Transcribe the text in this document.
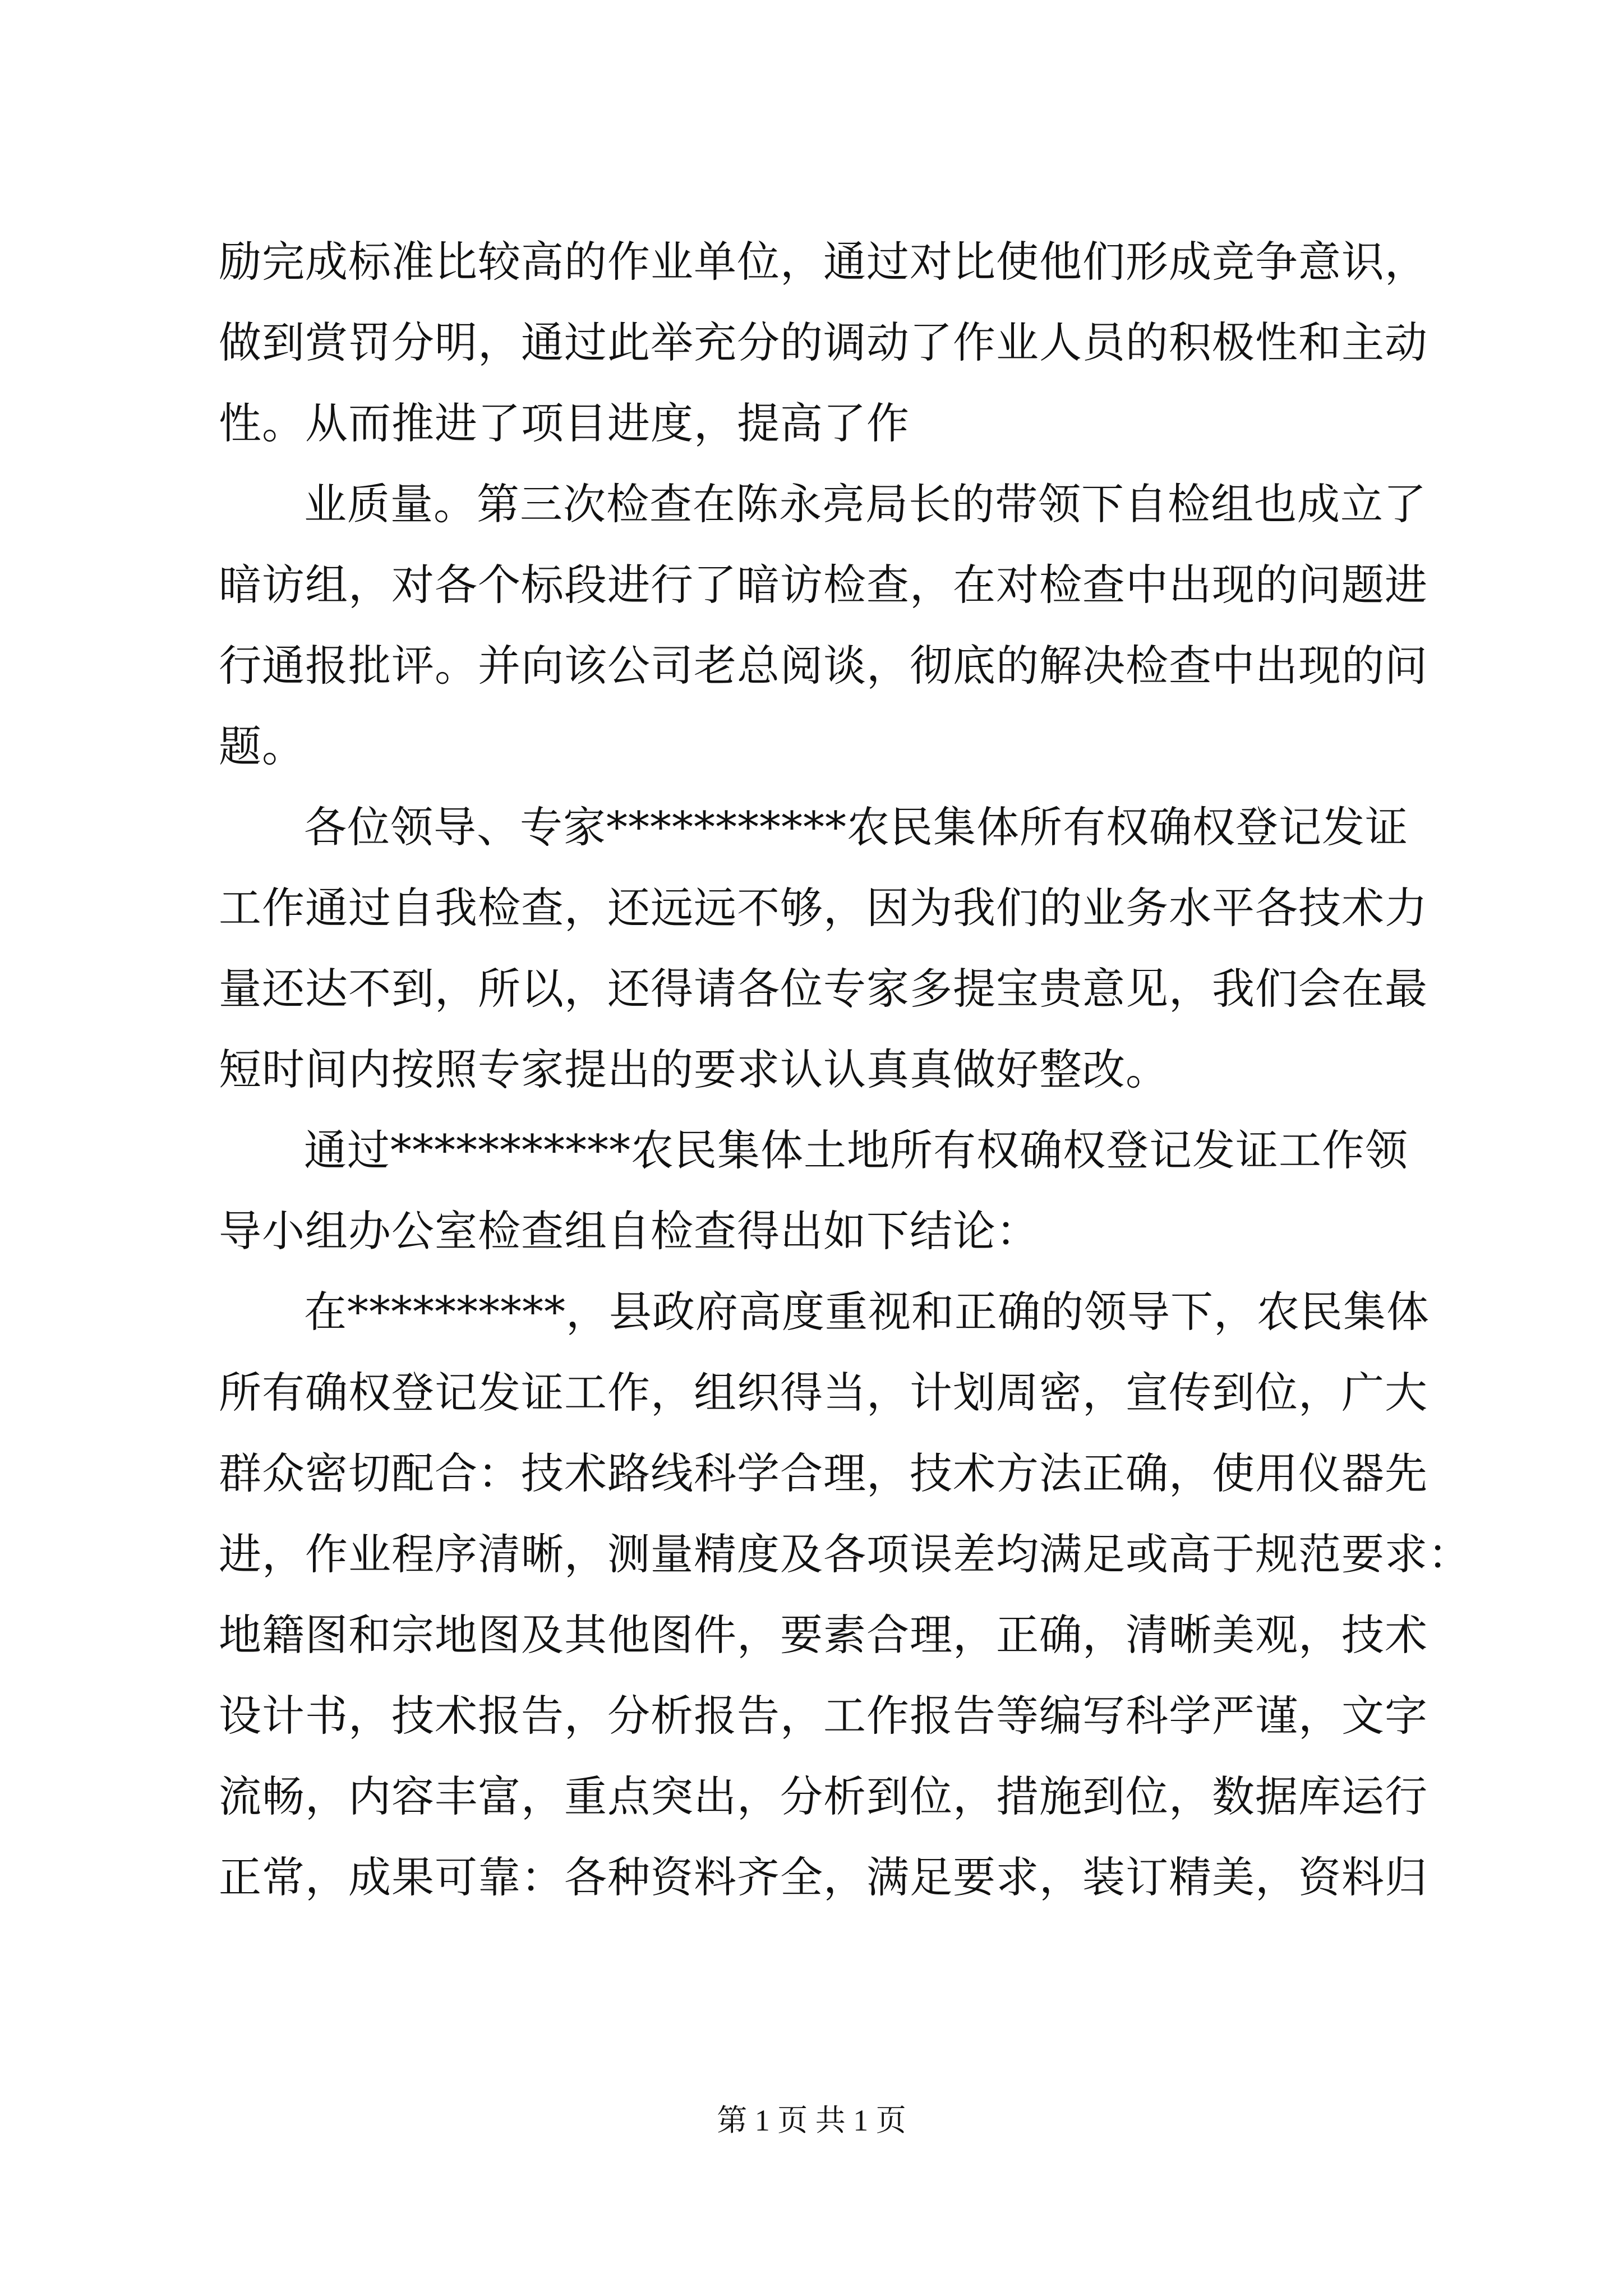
励完成标准比较高的作业单位，通过对比使他们形成竞争意识，
做到赏罚分明，通过此举充分的调动了作业人员的积极性和主动
性。从而推进了项目进度，提高了作
业质量。第三次检查在陈永亮局长的带领下自检组也成立了
暗访组，对各个标段进行了暗访检查，在对检查中出现的问题进
行通报批评。并向该公司老总阅谈，彻底的解决检查中出现的问
题。
各位领导、专家***********农民集体所有权确权登记发证
工作通过自我检查，还远远不够，因为我们的业务水平各技术力
量还达不到，所以，还得请各位专家多提宝贵意见，我们会在最
短时间内按照专家提出的要求认认真真做好整改。
通过***********农民集体土地所有权确权登记发证工作领
导小组办公室检查组自检查得出如下结论：
在**********，县政府高度重视和正确的领导下，农民集体
所有确权登记发证工作，组织得当，计划周密，宣传到位，广大
群众密切配合：技术路线科学合理，技术方法正确，使用仪器先
进，作业程序清晰，测量精度及各项误差均满足或高于规范要求：
地籍图和宗地图及其他图件，要素合理，正确，清晰美观，技术
设计书，技术报告，分析报告，工作报告等编写科学严谨，文字
流畅，内容丰富，重点突出，分析到位，措施到位，数据库运行
正常，成果可靠：各种资料齐全，满足要求，装订精美，资料归
第 1 页 共 1 页
